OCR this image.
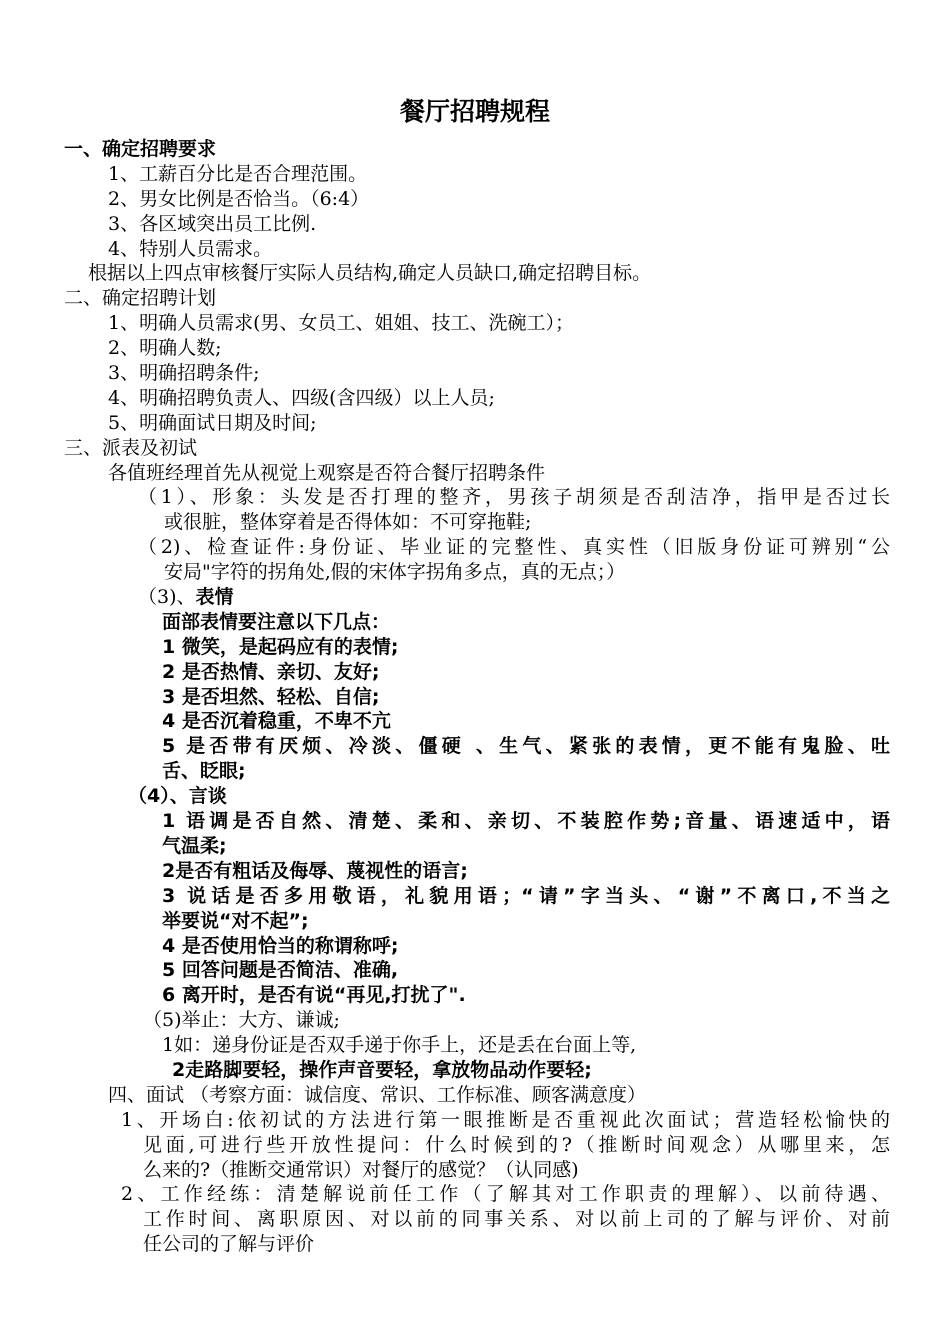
餐厅招聘规程
一、确定招聘要求
1、工薪百分比是否合理范围。
2、男女比例是否恰当。（6:4）
3、各区域突出员工比例.
4、特别人员需求。
根据以上四点审核餐厅实际人员结构,确定人员缺口,确定招聘目标。
二、确定招聘计划
1、明确人员需求(男、女员工、姐姐、技工、洗碗工）；
2、明确人数;
3、明确招聘条件;
4、明确招聘负责人、四级(含四级）以上人员;
5、明确面试日期及时间;
三、派表及初试
各值班经理首先从视觉上观察是否符合餐厅招聘条件
（1）、形象：头发是否打理的整齐，男孩子胡须是否刮洁净，指甲是否过长
或很脏，整体穿着是否得体如：不可穿拖鞋;
（2)、检查证件:身份证、毕业证的完整性、真实性（旧版身份证可辨别“公
安局"字符的拐角处,假的宋体字拐角多点，真的无点；）
（3)、表情
面部表情要注意以下几点：
1 微笑，是起码应有的表情;
2 是否热情、亲切、友好;
3 是否坦然、轻松、自信;
4 是否沉着稳重，不卑不亢
5 是否带有厌烦、冷淡、僵硬 、生气、紧张的表情，更不能有鬼脸、吐
舌、眨眼;
（4）、言谈
1 语调是否自然、清楚、柔和、亲切、不装腔作势;音量、语速适中，语
气温柔;
2是否有粗话及侮辱、蔑视性的语言;
3 说话是否多用敬语，礼貌用语；“请”字当头、“谢”不离口,不当之
举要说“对不起”;
4 是否使用恰当的称谓称呼;
5 回答问题是否简洁、准确,
6 离开时，是否有说“再见,打扰了".
（5)举止：大方、谦诚;
1如：递身份证是否双手递于你手上，还是丢在台面上等,
2走路脚要轻，操作声音要轻，拿放物品动作要轻;
四、面试 （考察方面：诚信度、常识、工作标准、顾客满意度）
1、开场白:依初试的方法进行第一眼推断是否重视此次面试；营造轻松愉快的
见面,可进行些开放性提问：什么时候到的?（推断时间观念）从哪里来，怎
么来的?（推断交通常识）对餐厅的感觉？（认同感)
2、工作经练：清楚解说前任工作（了解其对工作职责的理解）、以前待遇、
工作时间、离职原因、对以前的同事关系、对以前上司的了解与评价、对前
任公司的了解与评价
